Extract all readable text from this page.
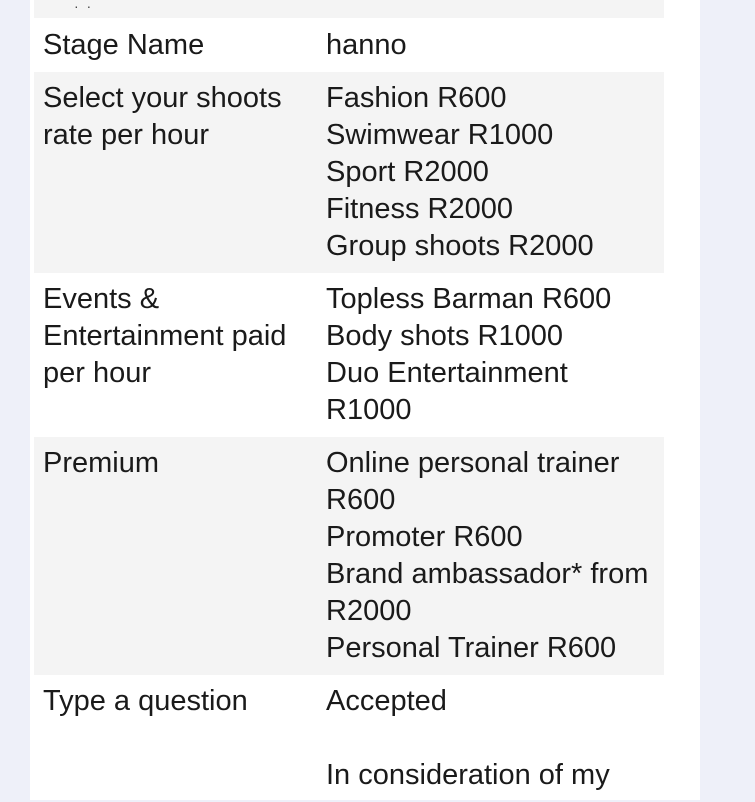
· ·
Stage Name	hanno

Select your shoots rate per hour	Fashion R600
Swimwear R1000
Sport R2000
Fitness R2000
Group shoots R2000

Events & Entertainment paid per hour	Topless Barman R600
Body shots R1000
Duo Entertainment R1000

Premium	Online personal trainer R600
Promoter R600
Brand ambassador* from R2000
Personal Trainer R600

Type a question	Accepted
In consideration of my
